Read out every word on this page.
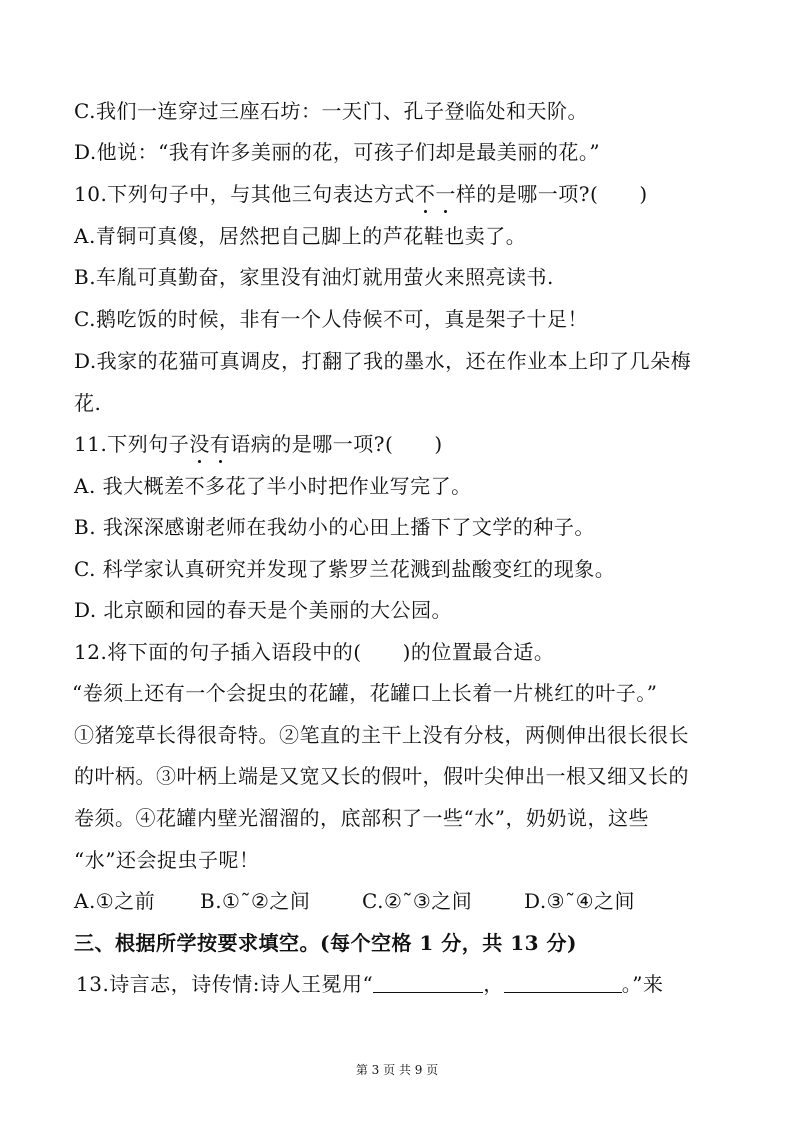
C.我们一连穿过三座石坊：一天门、孔子登临处和天阶。
D.他说：“我有许多美丽的花，可孩子们却是最美丽的花。”
10.下列句子中，与其他三句表达方式不一样的是哪一项?(　　)
A.青铜可真傻，居然把自己脚上的芦花鞋也卖了。
B.车胤可真勤奋，家里没有油灯就用萤火来照亮读书.
C.鹅吃饭的时候，非有一个人侍候不可，真是架子十足！
D.我家的花猫可真调皮，打翻了我的墨水，还在作业本上印了几朵梅
花.
11.下列句子没有语病的是哪一项?(　　)
A. 我大概差不多花了半小时把作业写完了。
B. 我深深感谢老师在我幼小的心田上播下了文学的种子。
C. 科学家认真研究并发现了紫罗兰花溅到盐酸变红的现象。
D. 北京颐和园的春天是个美丽的大公园。
12.将下面的句子插入语段中的(　　)的位置最合适。
“卷须上还有一个会捉虫的花罐，花罐口上长着一片桃红的叶子。”
①猪笼草长得很奇特。②笔直的主干上没有分枝，两侧伸出很长很长
的叶柄。③叶柄上端是又宽又长的假叶，假叶尖伸出一根又细又长的
卷须。④花罐内壁光溜溜的，底部积了一些“水”，奶奶说，这些
“水”还会捉虫子呢！
A.①之前 B.①˜②之间	C.②˜③之间	D.③˜④之间
三、根据所学按要求填空。(每个空格 1 分，共 13 分)
13.诗言志，诗传情:诗人王冕用“	，	。”来
第 3 页 共 9 页
